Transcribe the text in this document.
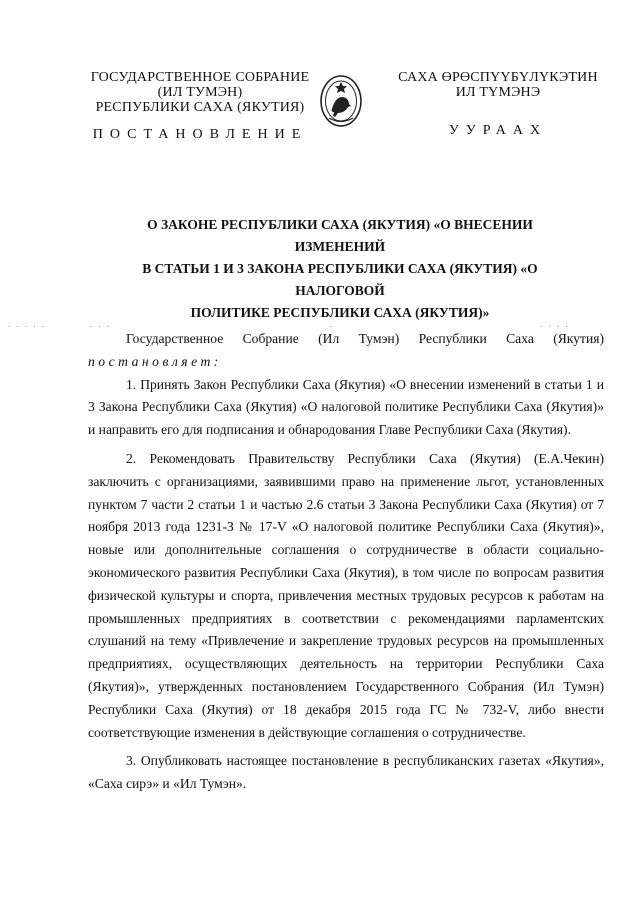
ГОСУДАРСТВЕННОЕ СОБРАНИЕ
(ИЛ ТУМЭН)
РЕСПУБЛИКИ САХА (ЯКУТИЯ)
САХА ӨРӨСПҮҮБҮЛҮКЭТИН
ИЛ ТҮМЭНЭ
ПОСТАНОВЛЕНИЕ	УУРААХ
О ЗАКОНЕ РЕСПУБЛИКИ САХА (ЯКУТИЯ) «О ВНЕСЕНИИ ИЗМЕНЕНИЙ
В СТАТЬИ 1 И 3 ЗАКОНА РЕСПУБЛИКИ САХА (ЯКУТИЯ) «О НАЛОГОВОЙ
ПОЛИТИКЕ РЕСПУБЛИКИ САХА (ЯКУТИЯ)»
. . . . .	. . .	.	. . . .

Государственное Собрание (Ил Тумэн) Республики Саха (Якутия)

постановляет:

1. Принять Закон Республики Саха (Якутия) «О внесении изменений в статьи 1 и 3 Закона Республики Саха (Якутия) «О налоговой политике Республики Саха (Якутия)» и направить его для подписания и обнародования Главе Республики Саха (Якутия).

2. Рекомендовать Правительству Республики Саха (Якутия) (Е.А.Чекин) заключить с организациями, заявившими право на применение льгот, установленных пунктом 7 части 2 статьи 1 и частью 2.6 статьи 3 Закона Республики Саха (Якутия) от 7 ноября 2013 года 1231-З № 17-V «О налоговой политике Республики Саха (Якутия)», новые или дополнительные соглашения о сотрудничестве в области социально-экономического развития Республики Саха (Якутия), в том числе по вопросам развития физической культуры и спорта, привлечения местных трудовых ресурсов к работам на промышленных предприятиях в соответствии с рекомендациями парламентских слушаний на тему «Привлечение и закрепление трудовых ресурсов на промышленных предприятиях, осуществляющих деятельность на территории Республики Саха (Якутия)», утвержденных постановлением Государственного Собрания (Ил Тумэн) Республики Саха (Якутия) от 18 декабря 2015 года ГС № 732-V, либо внести соответствующие изменения в действующие соглашения о сотрудничестве.

3. Опубликовать настоящее постановление в республиканских газетах «Якутия», «Саха сирэ» и «Ил Тумэн».
